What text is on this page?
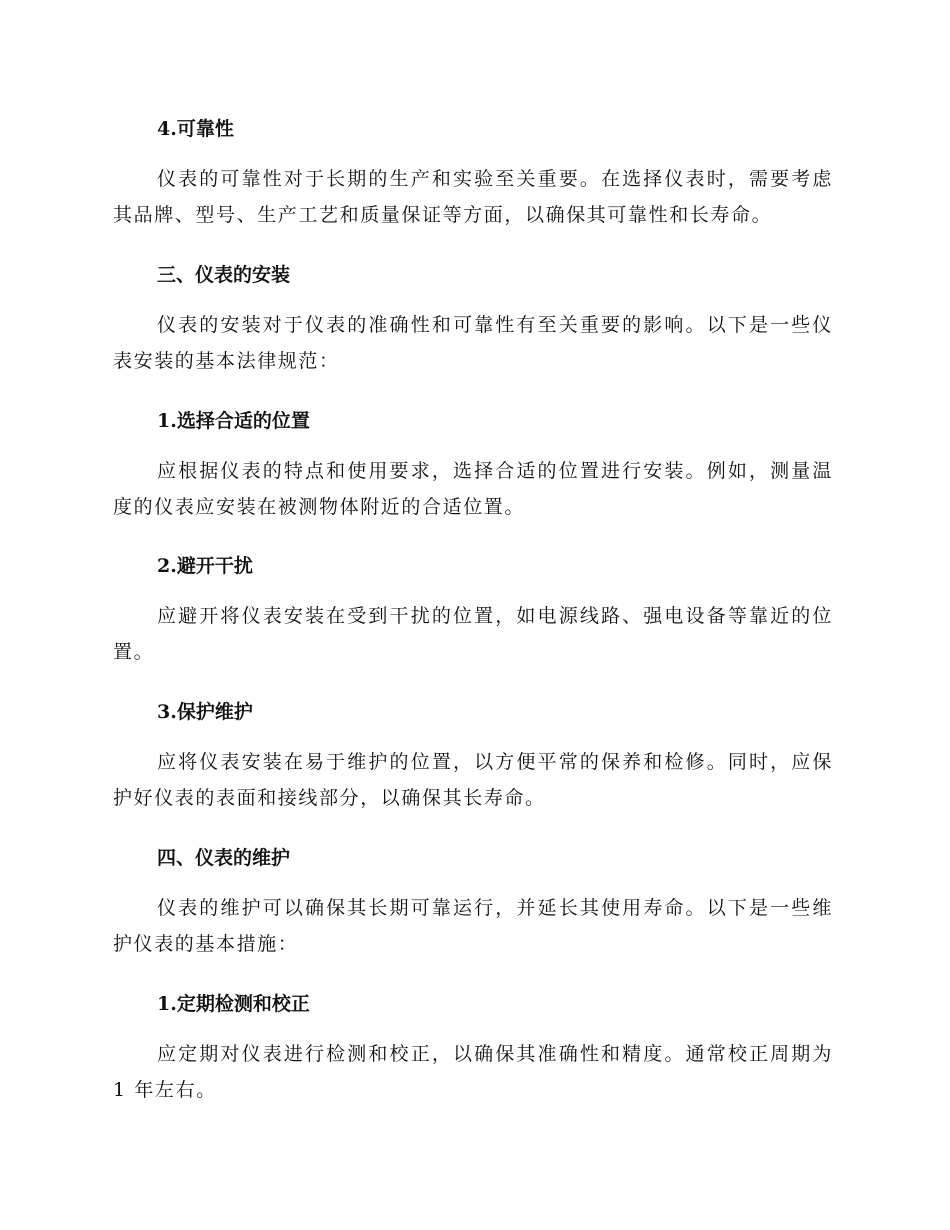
4.可靠性

仪表的可靠性对于长期的生产和实验至关重要。在选择仪表时，需要考虑其品牌、型号、生产工艺和质量保证等方面，以确保其可靠性和长寿命。

三、仪表的安装

仪表的安装对于仪表的准确性和可靠性有至关重要的影响。以下是一些仪表安装的基本法律规范：

1.选择合适的位置

应根据仪表的特点和使用要求，选择合适的位置进行安装。例如，测量温度的仪表应安装在被测物体附近的合适位置。

2.避开干扰

应避开将仪表安装在受到干扰的位置，如电源线路、强电设备等靠近的位置。

3.保护维护

应将仪表安装在易于维护的位置，以方便平常的保养和检修。同时，应保护好仪表的表面和接线部分，以确保其长寿命。

四、仪表的维护

仪表的维护可以确保其长期可靠运行，并延长其使用寿命。以下是一些维护仪表的基本措施：

1.定期检测和校正

应定期对仪表进行检测和校正，以确保其准确性和精度。通常校正周期为 1 年左右。
